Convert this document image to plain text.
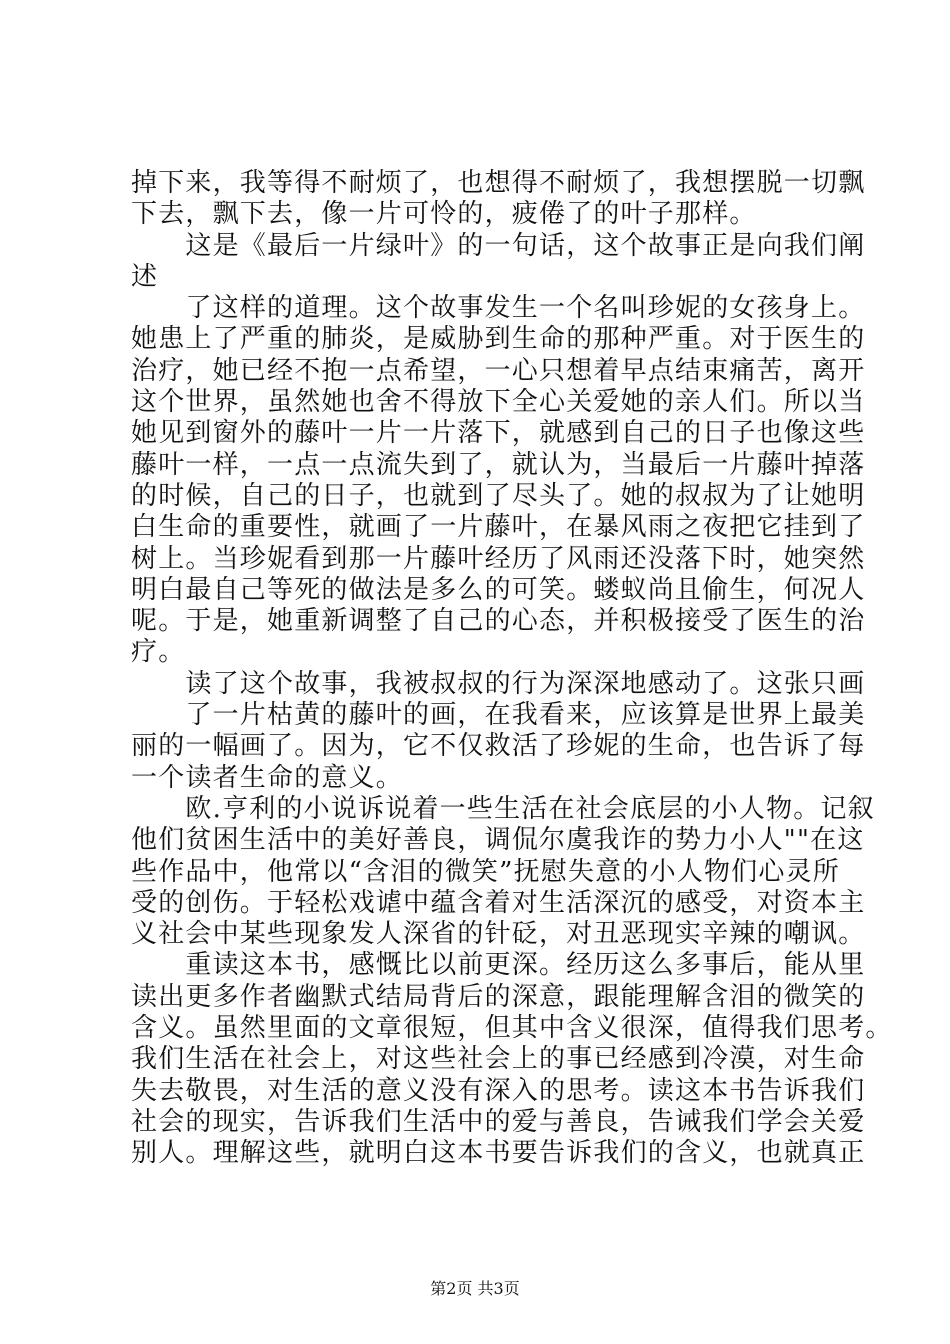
掉下来，我等得不耐烦了，也想得不耐烦了，我想摆脱一切飘
下去，飘下去，像一片可怜的，疲倦了的叶子那样。
　　这是《最后一片绿叶》的一句话，这个故事正是向我们阐
述
　　了这样的道理。这个故事发生一个名叫珍妮的女孩身上。
她患上了严重的肺炎，是威胁到生命的那种严重。对于医生的
治疗，她已经不抱一点希望，一心只想着早点结束痛苦，离开
这个世界，虽然她也舍不得放下全心关爱她的亲人们。所以当
她见到窗外的藤叶一片一片落下，就感到自己的日子也像这些
藤叶一样，一点一点流失到了，就认为，当最后一片藤叶掉落
的时候，自己的日子，也就到了尽头了。她的叔叔为了让她明
白生命的重要性，就画了一片藤叶，在暴风雨之夜把它挂到了
树上。当珍妮看到那一片藤叶经历了风雨还没落下时，她突然
明白最自己等死的做法是多么的可笑。蝼蚁尚且偷生，何况人
呢。于是，她重新调整了自己的心态，并积极接受了医生的治
疗。
　　读了这个故事，我被叔叔的行为深深地感动了。这张只画
　　了一片枯黄的藤叶的画，在我看来，应该算是世界上最美
丽的一幅画了。因为，它不仅救活了珍妮的生命，也告诉了每
一个读者生命的意义。
　　欧.亨利的小说诉说着一些生活在社会底层的小人物。记叙
他们贫困生活中的美好善良，调侃尔虞我诈的势力小人""在这
些作品中，他常以“含泪的微笑”抚慰失意的小人物们心灵所
受的创伤。于轻松戏谑中蕴含着对生活深沉的感受，对资本主
义社会中某些现象发人深省的针砭，对丑恶现实辛辣的嘲讽。
　　重读这本书，感慨比以前更深。经历这么多事后，能从里
读出更多作者幽默式结局背后的深意，跟能理解含泪的微笑的
含义。虽然里面的文章很短，但其中含义很深，值得我们思考。
我们生活在社会上，对这些社会上的事已经感到冷漠，对生命
失去敬畏，对生活的意义没有深入的思考。读这本书告诉我们
社会的现实，告诉我们生活中的爱与善良，告诫我们学会关爱
别人。理解这些，就明白这本书要告诉我们的含义，也就真正
第2页 共3页
